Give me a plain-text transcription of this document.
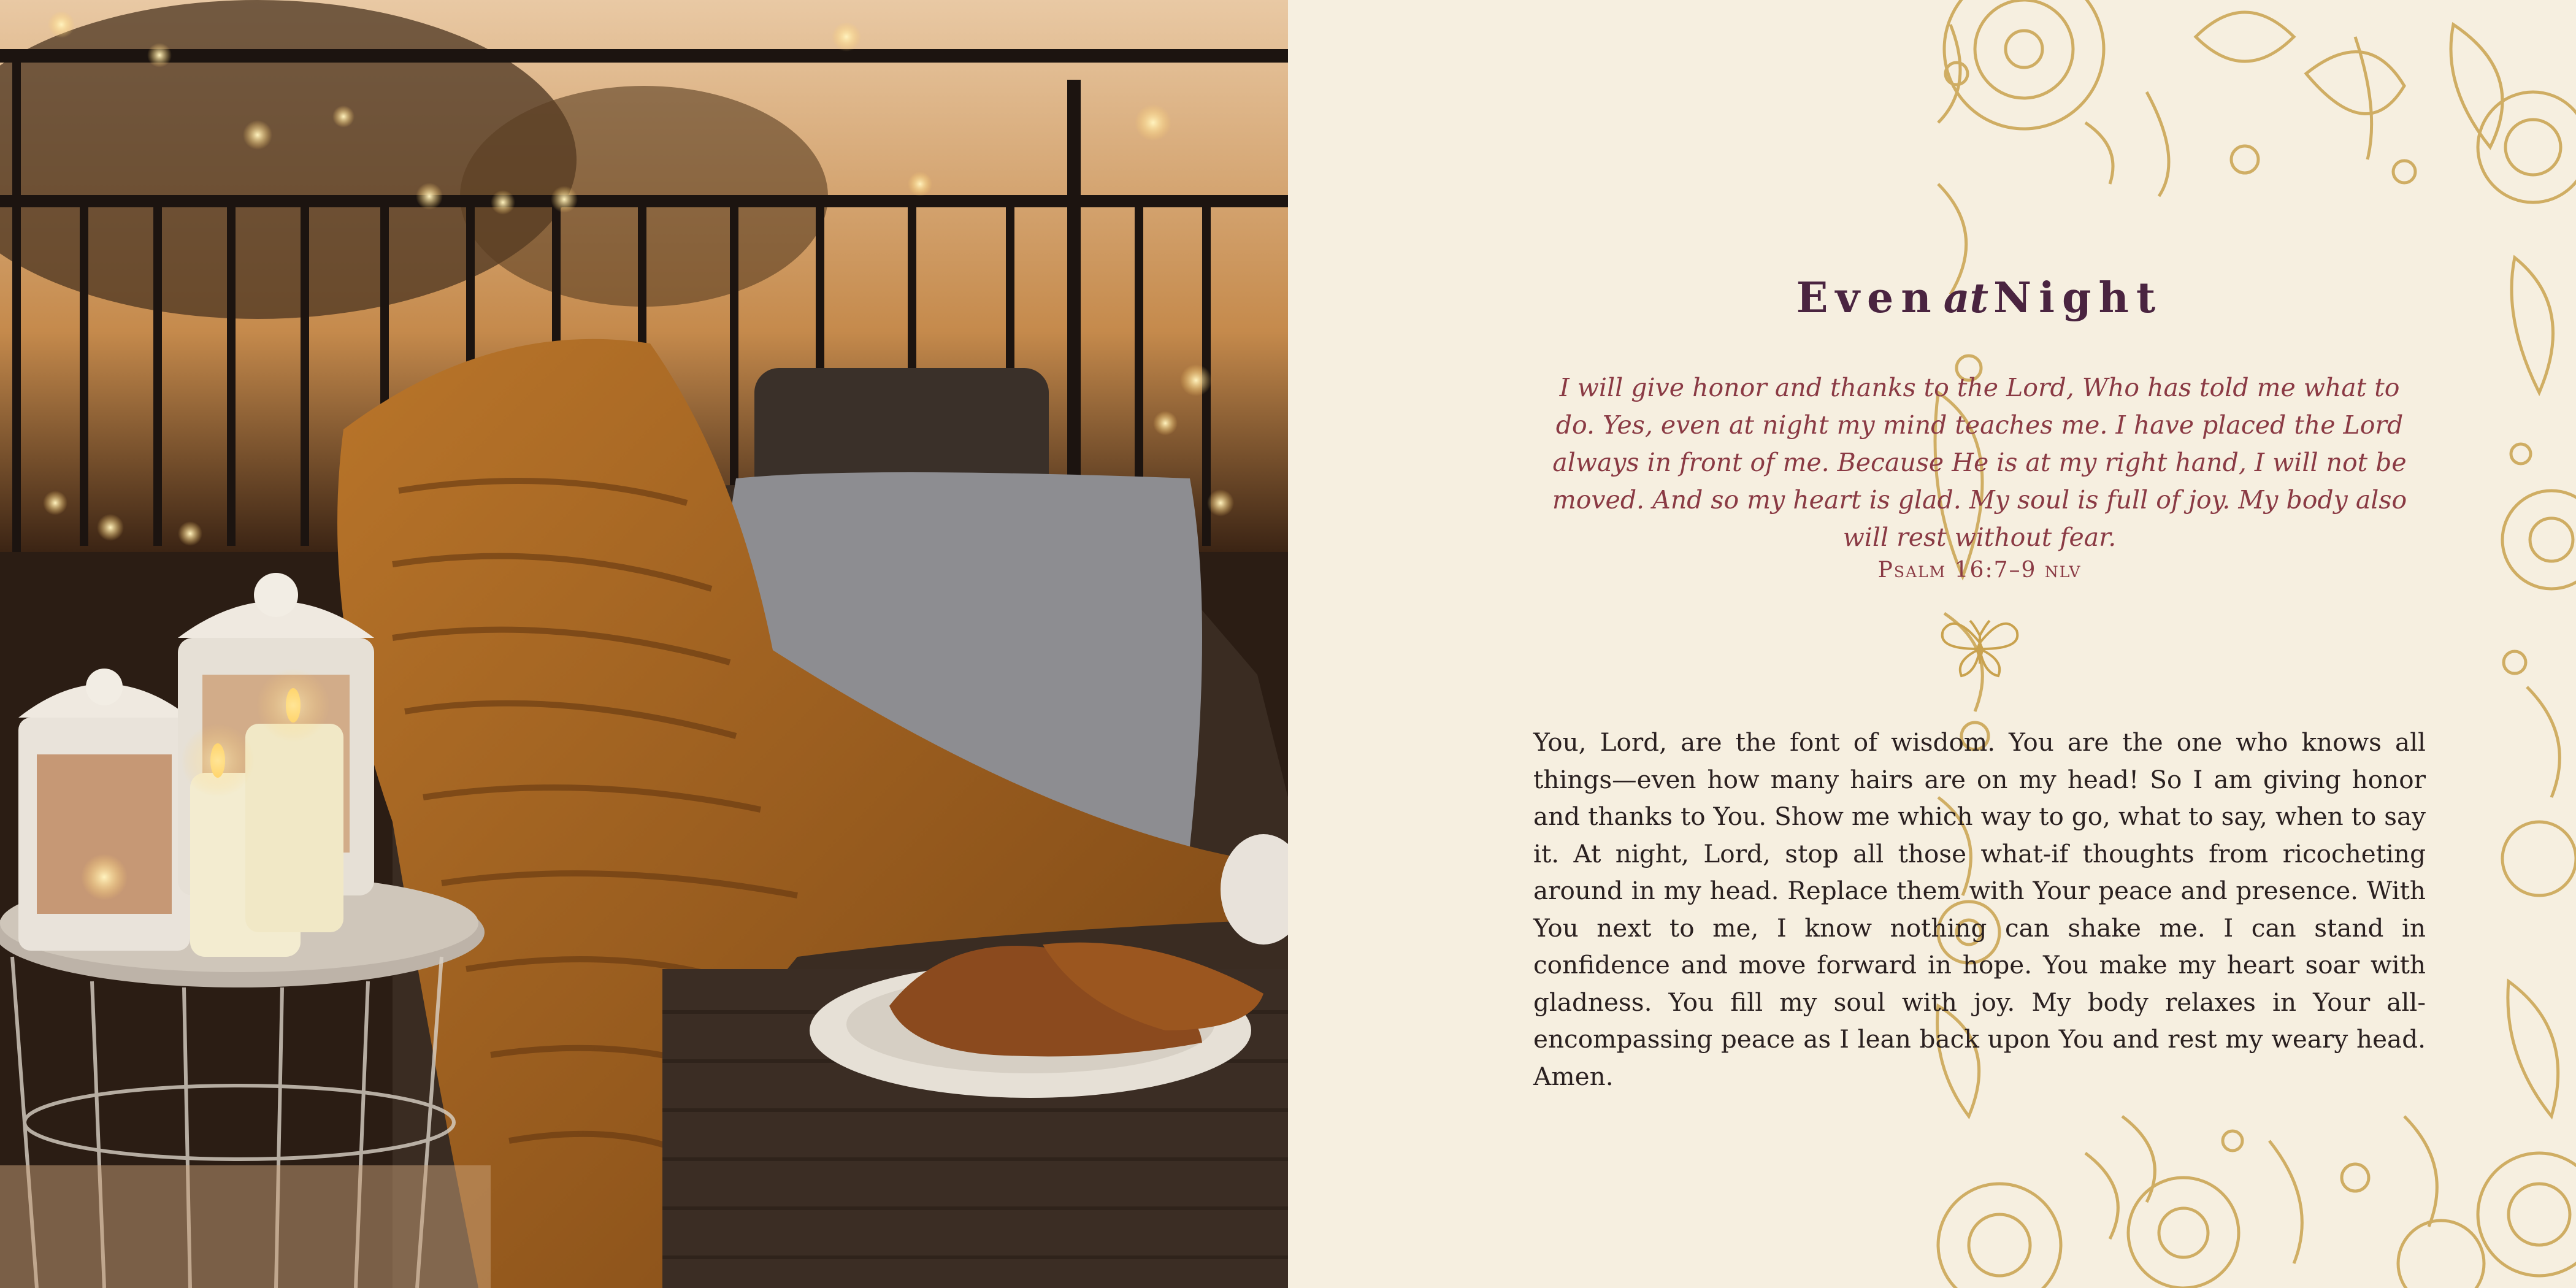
Even at Night
I will give honor and thanks to the Lord, Who has told me what to do. Yes, even at night my mind teaches me. I have placed the Lord always in front of me. Because He is at my right hand, I will not be moved. And so my heart is glad. My soul is full of joy. My body also will rest without fear.
Psalm 16:7–9 nlv
You, Lord, are the font of wisdom. You are the one who knows all things—even how many hairs are on my head! So I am giving honor and thanks to You. Show me which way to go, what to say, when to say it. At night, Lord, stop all those what-if thoughts from ricocheting around in my head. Replace them with Your peace and presence. With You next to me, I know nothing can shake me. I can stand in confidence and move forward in hope. You make my heart soar with gladness. You fill my soul with joy. My body relaxes in Your all-encompassing peace as I lean back upon You and rest my weary head. Amen.
